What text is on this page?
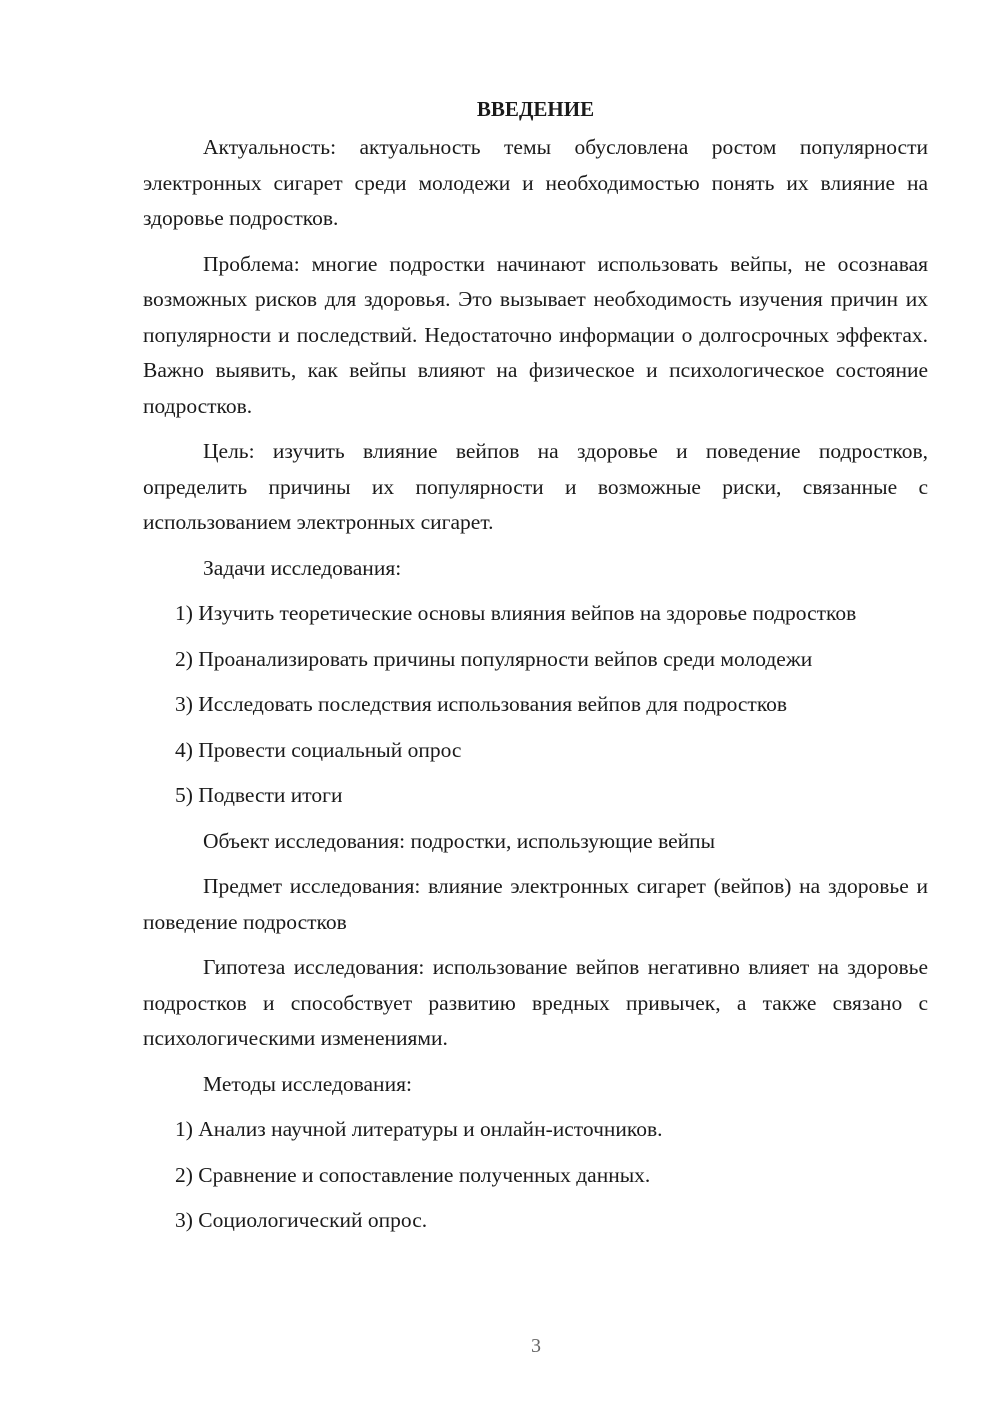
ВВЕДЕНИЕ

Актуальность: актуальность темы обусловлена ростом популярности электронных сигарет среди молодежи и необходимостью понять их влияние на здоровье подростков.

Проблема: многие подростки начинают использовать вейпы, не осознавая возможных рисков для здоровья. Это вызывает необходимость изучения причин их популярности и последствий. Недостаточно информации о долгосрочных эффектах. Важно выявить, как вейпы влияют на физическое и психологическое состояние подростков.

Цель: изучить влияние вейпов на здоровье и поведение подростков, определить причины их популярности и возможные риски, связанные с использованием электронных сигарет.

Задачи исследования:

1) Изучить теоретические основы влияния вейпов на здоровье подростков

2) Проанализировать причины популярности вейпов среди молодежи

3) Исследовать последствия использования вейпов для подростков

4) Провести социальный опрос

5) Подвести итоги

Объект исследования: подростки, использующие вейпы

Предмет исследования: влияние электронных сигарет (вейпов) на здоровье и поведение подростков

Гипотеза исследования: использование вейпов негативно влияет на здоровье подростков и способствует развитию вредных привычек, а также связано с психологическими изменениями.

Методы исследования:

1) Анализ научной литературы и онлайн-источников.

2) Сравнение и сопоставление полученных данных.

3) Социологический опрос.

3
